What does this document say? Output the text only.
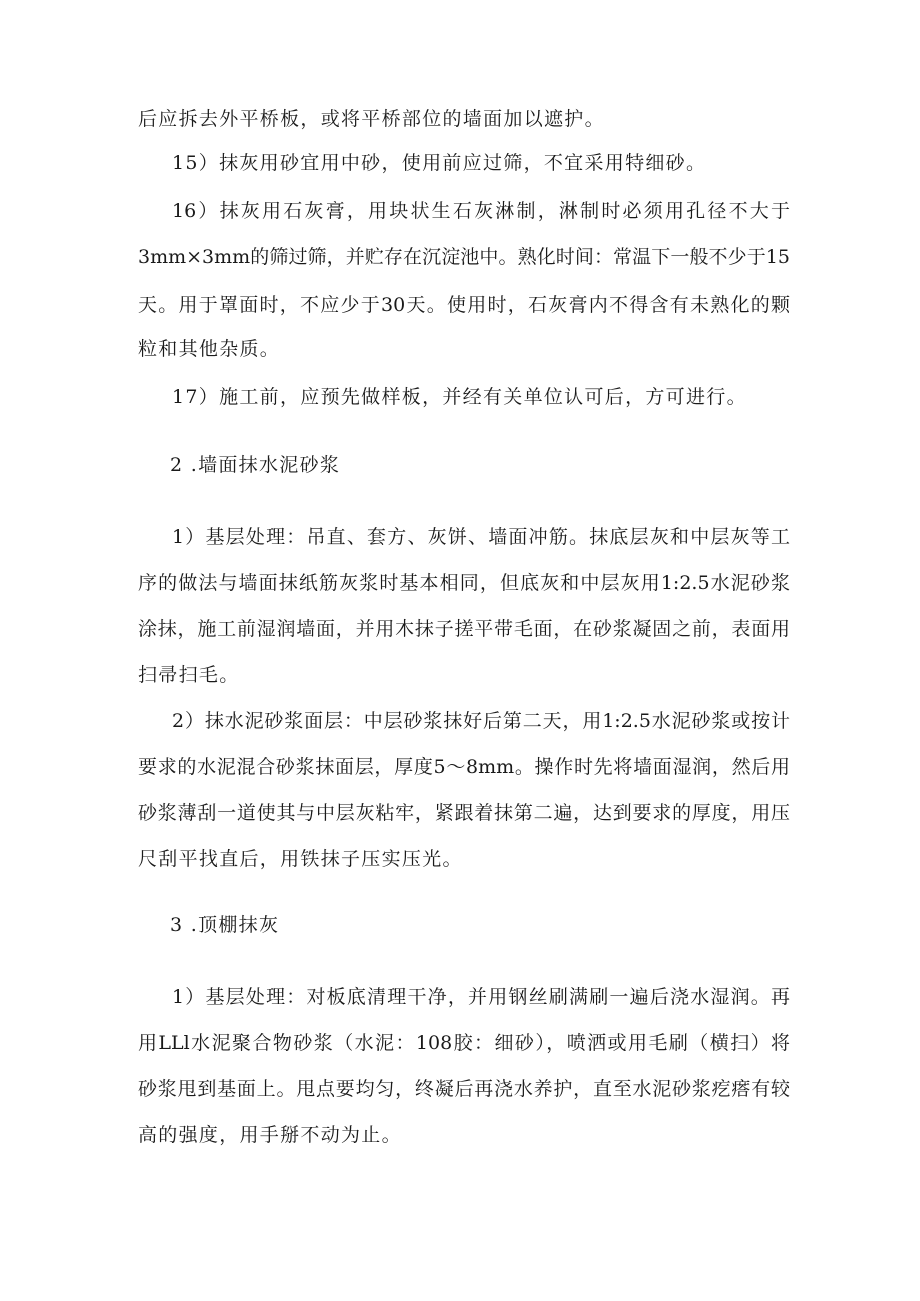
后应拆去外平桥板，或将平桥部位的墙面加以遮护。
15）抹灰用砂宜用中砂，使用前应过筛，不宜采用特细砂。
16）抹灰用石灰膏，用块状生石灰淋制，淋制时必须用孔径不大于
3mm×3mm的筛过筛，并贮存在沉淀池中。熟化时间：常温下一般不少于15
天。用于罩面时，不应少于30天。使用时，石灰膏内不得含有未熟化的颗
粒和其他杂质。
17）施工前，应预先做样板，并经有关单位认可后，方可进行。
2 .墙面抹水泥砂浆
1）基层处理：吊直、套方、灰饼、墙面冲筋。抹底层灰和中层灰等工
序的做法与墙面抹纸筋灰浆时基本相同，但底灰和中层灰用1:2.5水泥砂浆
涂抹，施工前湿润墙面，并用木抹子搓平带毛面，在砂浆凝固之前，表面用
扫帚扫毛。
2）抹水泥砂浆面层：中层砂浆抹好后第二天，用1:2.5水泥砂浆或按计
要求的水泥混合砂浆抹面层，厚度5～8mm。操作时先将墙面湿润，然后用
砂浆薄刮一道使其与中层灰粘牢，紧跟着抹第二遍，达到要求的厚度，用压
尺刮平找直后，用铁抹子压实压光。
3 .顶棚抹灰
1）基层处理：对板底清理干净，并用钢丝刷满刷一遍后浇水湿润。再
用LLl水泥聚合物砂浆（水泥：108胶：细砂），喷洒或用毛刷（横扫）将
砂浆甩到基面上。甩点要均匀，终凝后再浇水养护，直至水泥砂浆疙瘩有较
高的强度，用手掰不动为止。
